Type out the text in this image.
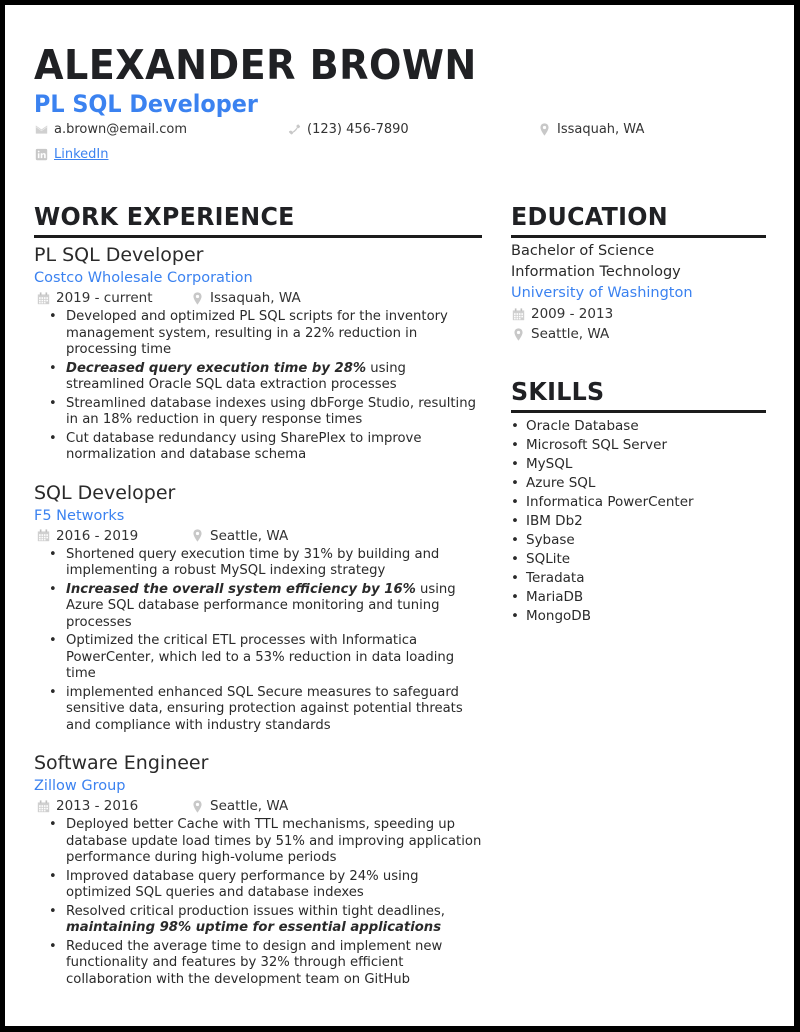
ALEXANDER BROWN
PL SQL Developer
a.brown@email.com	(123) 456-7890	Issaquah, WA
LinkedIn
WORK EXPERIENCE
PL SQL Developer
Costco Wholesale Corporation
2019 - current	Issaquah, WA
• Developed and optimized PL SQL scripts for the inventory management system, resulting in a 22% reduction in processing time
• Decreased query execution time by 28% using streamlined Oracle SQL data extraction processes
• Streamlined database indexes using dbForge Studio, resulting in an 18% reduction in query response times
• Cut database redundancy using SharePlex to improve normalization and database schema
SQL Developer
F5 Networks
2016 - 2019	Seattle, WA
• Shortened query execution time by 31% by building and implementing a robust MySQL indexing strategy
• Increased the overall system efficiency by 16% using Azure SQL database performance monitoring and tuning processes
• Optimized the critical ETL processes with Informatica PowerCenter, which led to a 53% reduction in data loading time
• implemented enhanced SQL Secure measures to safeguard sensitive data, ensuring protection against potential threats and compliance with industry standards
Software Engineer
Zillow Group
2013 - 2016	Seattle, WA
• Deployed better Cache with TTL mechanisms, speeding up database update load times by 51% and improving application performance during high-volume periods
• Improved database query performance by 24% using optimized SQL queries and database indexes
• Resolved critical production issues within tight deadlines, maintaining 98% uptime for essential applications
• Reduced the average time to design and implement new functionality and features by 32% through efficient collaboration with the development team on GitHub
EDUCATION
Bachelor of Science
Information Technology
University of Washington
2009 - 2013
Seattle, WA
SKILLS
• Oracle Database
• Microsoft SQL Server
• MySQL
• Azure SQL
• Informatica PowerCenter
• IBM Db2
• Sybase
• SQLite
• Teradata
• MariaDB
• MongoDB
